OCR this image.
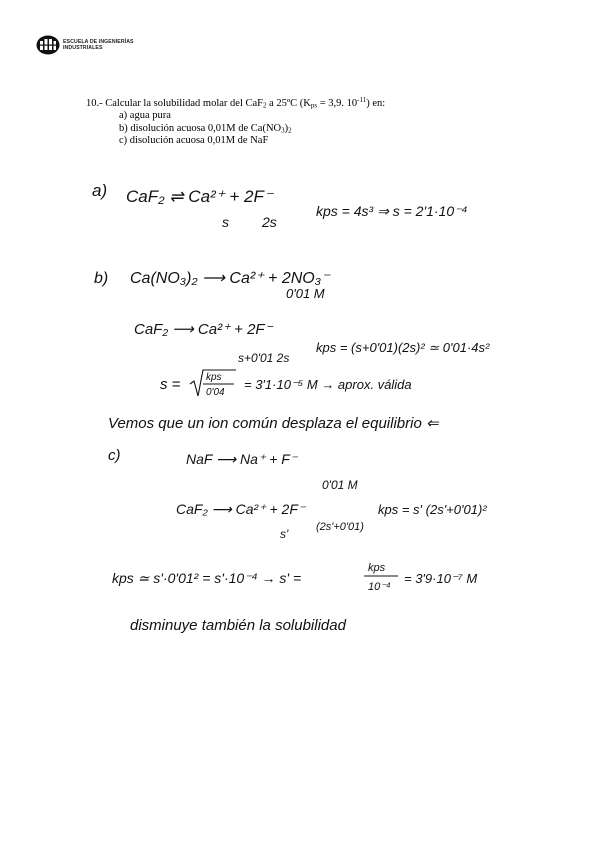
ESCUELA DE INGENIERÍAS
INDUSTRIALES
10.- Calcular la solubilidad molar del CaF$_2$ a 25ºC ($K_{ps} = 3,9$. $10^{-11}$) en:
a) agua pura
b) disolución acuosa 0,01M de $Ca(NO_3)_2$
c) disolución acuosa 0,01M de NaF
a) CaF₂ ⇌ Ca²⁺ + 2F⁻
s 2s
kps = 4s³ ⇒ s = 2'1·10⁻⁴
b) Ca(NO₃)₂ ⟶ Ca²⁺ + 2NO₃⁻
0'01 M
CaF₂ ⟶ Ca²⁺ + 2F⁻
s+0'01 2s
kps = (s+0'01)(2s)² ≃ 0'01·4s²
s =	kps
0'04
= 3'1·10⁻⁵ M → aprox. válida
Vemos que un ion común desplaza el equilibrio ⇐
c)	NaF ⟶ Na⁺ + F⁻
0'01 M
CaF₂ ⟶ Ca²⁺ + 2F⁻
s'	(2s'+0'01)
kps = s' (2s'+0'01)²
kps ≃ s'·0'01² = s'·10⁻⁴ → s' =
kps
10⁻⁴
= 3'9·10⁻⁷ M
disminuye también la solubilidad
